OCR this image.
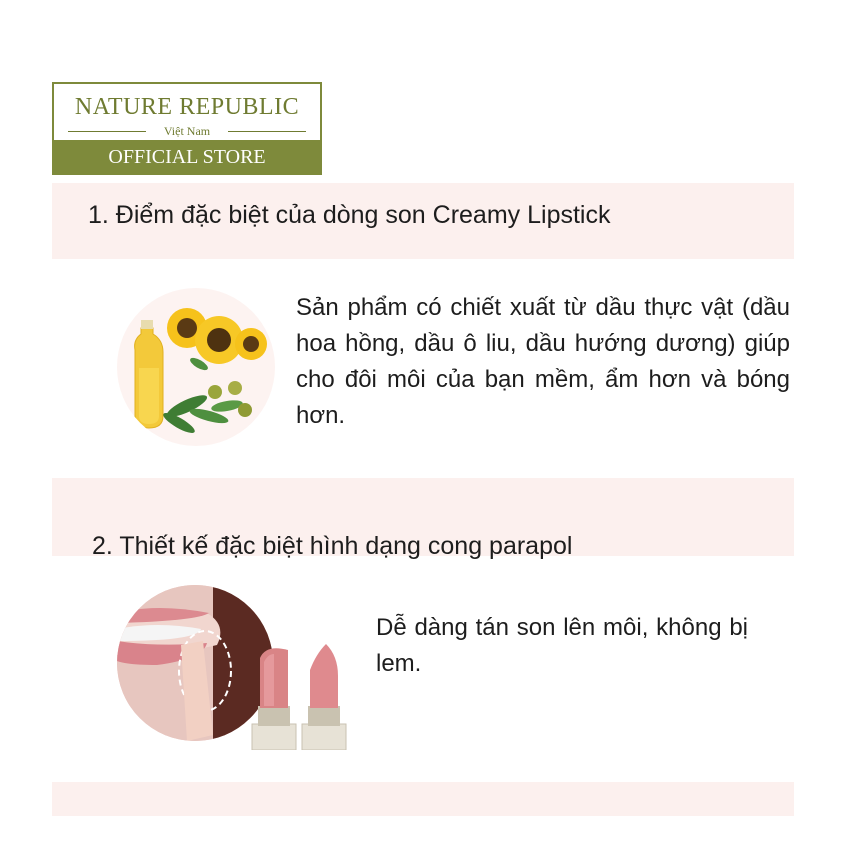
NATURE REPUBLIC
Việt Nam
OFFICIAL STORE
1. Điểm đặc biệt của dòng son Creamy Lipstick
Sản phẩm có chiết xuất từ dầu thực vật (dầu hoa hồng, dầu ô liu, dầu hướng dương) giúp cho đôi môi của bạn mềm, ẩm hơn và bóng hơn.
2. Thiết kế đặc biệt hình dạng cong parapol
Dễ dàng tán son lên môi, không bị lem.
